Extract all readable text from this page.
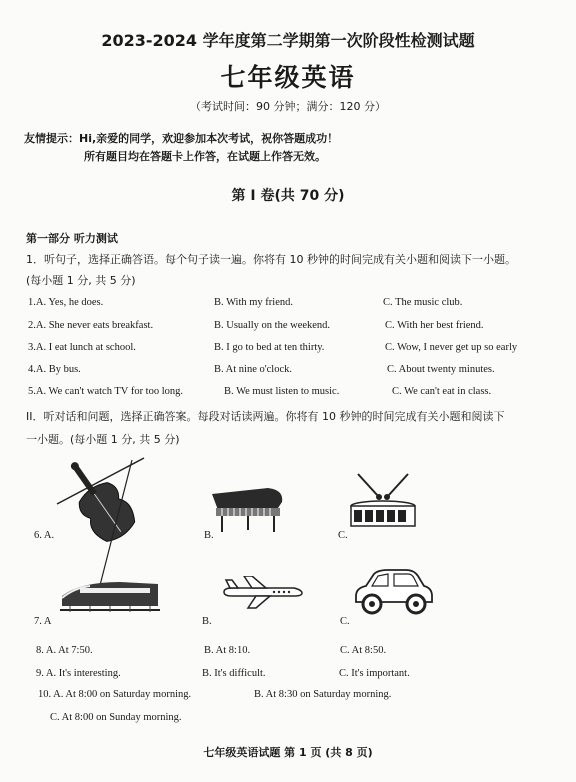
2023-2024 学年度第二学期第一次阶段性检测试题
七年级英语
（考试时间：90 分钟；满分：120 分）
友情提示：Hi,亲爱的同学，欢迎参加本次考试，祝你答题成功！
所有题目均在答题卡上作答，在试题上作答无效。
第 I 卷(共 70 分)
第一部分 听力测试
1．听句子，选择正确答语。每个句子读一遍。你将有 10 秒钟的时间完成有关小题和阅读下一小题。
(每小题 1 分, 共 5 分)
1.A. Yes, he does.	B. With my friend.	C. The music club.
2.A. She never eats breakfast.	B. Usually on the weekend.	C. With her best friend.
3.A. I eat lunch at school.	B. I go to bed at ten thirty.	C. Wow, I never get up so early
4.A. By bus.	B. At nine o'clock.	C. About twenty minutes.
5.A. We can't watch TV for too long.	B. We must listen to music.	C. We can't eat in class.
II．听对话和问题，选择正确答案。每段对话读两遍。你将有 10 秒钟的时间完成有关小题和阅读下
一小题。(每小题 1 分, 共 5 分)
6. A.	B.	C.
7. A	B.	C.
8. A. At 7:50.	B. At 8:10.	C. At 8:50.
9. A. It's interesting.	B. It's difficult.	C. It's important.
10. A. At 8:00 on Saturday morning.	B. At 8:30 on Saturday morning.
C. At 8:00 on Sunday morning.
七年级英语试题 第 1 页 (共 8 页)
